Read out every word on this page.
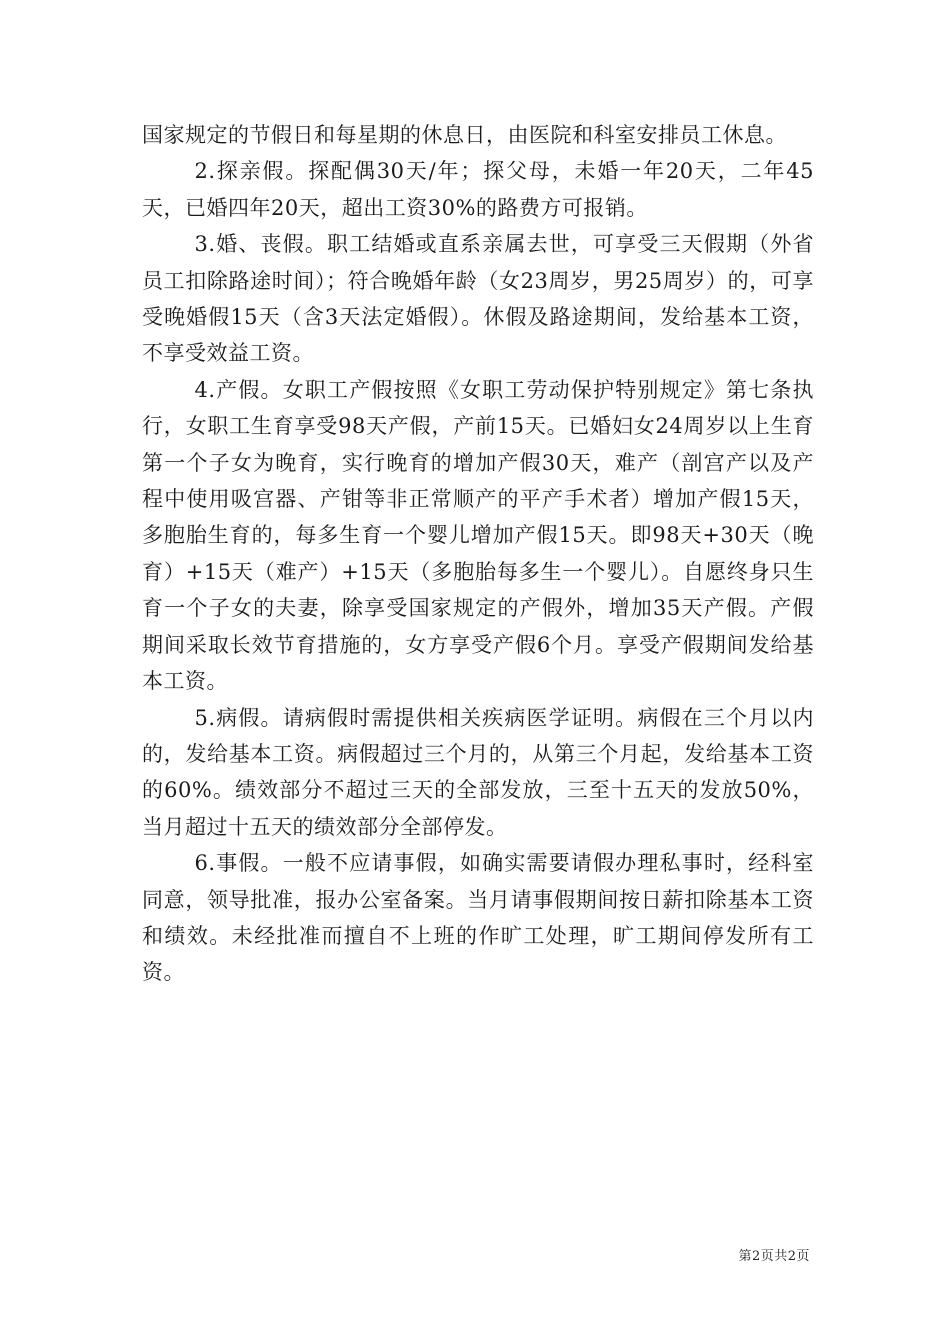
国家规定的节假日和每星期的休息日，由医院和科室安排员工休息。

2.探亲假。探配偶30天/年；探父母，未婚一年20天，二年45天，已婚四年20天，超出工资30%的路费方可报销。

3.婚、丧假。职工结婚或直系亲属去世，可享受三天假期（外省员工扣除路途时间）；符合晚婚年龄（女23周岁，男25周岁）的，可享受晚婚假15天（含3天法定婚假）。休假及路途期间，发给基本工资，不享受效益工资。

4.产假。女职工产假按照《女职工劳动保护特别规定》第七条执行，女职工生育享受98天产假，产前15天。已婚妇女24周岁以上生育第一个子女为晚育，实行晚育的增加产假30天，难产（剖宫产以及产程中使用吸宫器、产钳等非正常顺产的平产手术者）增加产假15天，多胞胎生育的，每多生育一个婴儿增加产假15天。即98天+30天（晚育）+15天（难产）+15天（多胞胎每多生一个婴儿）。自愿终身只生育一个子女的夫妻，除享受国家规定的产假外，增加35天产假。产假期间采取长效节育措施的，女方享受产假6个月。享受产假期间发给基本工资。

5.病假。请病假时需提供相关疾病医学证明。病假在三个月以内的，发给基本工资。病假超过三个月的，从第三个月起，发给基本工资的60%。绩效部分不超过三天的全部发放，三至十五天的发放50%，当月超过十五天的绩效部分全部停发。

6.事假。一般不应请事假，如确实需要请假办理私事时，经科室同意，领导批准，报办公室备案。当月请事假期间按日薪扣除基本工资和绩效。未经批准而擅自不上班的作旷工处理，旷工期间停发所有工资。

第2页共2页
